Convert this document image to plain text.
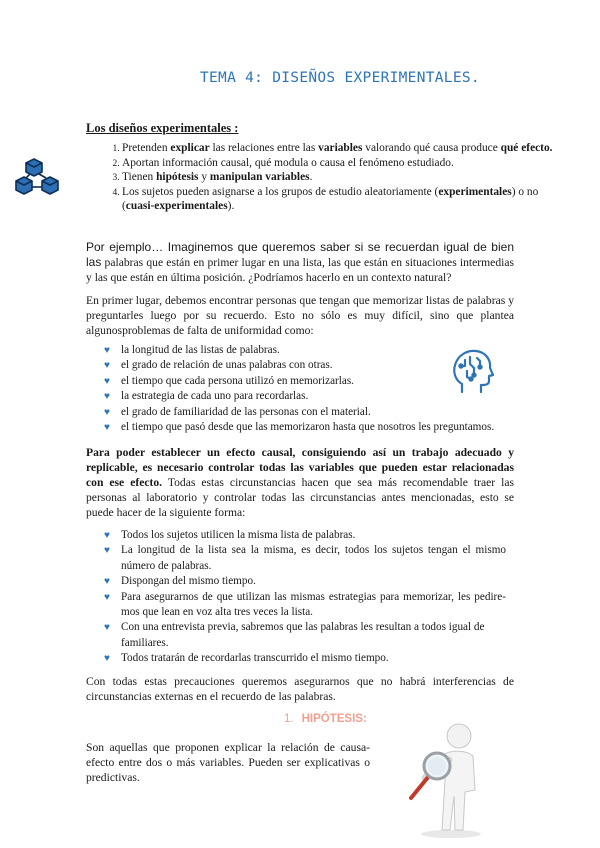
TEMA 4: DISEÑOS EXPERIMENTALES.
Los diseños experimentales :
1. Pretenden explicar las relaciones entre las variables valorando qué causa produce qué efecto.
2. Aportan información causal, qué modula o causa el fenómeno estudiado.
3. Tienen hipótesis y manipulan variables.
4. Los sujetos pueden asignarse a los grupos de estudio aleatoriamente (experimentales) o no (cuasi-experimentales).

Por ejemplo… Imaginemos que queremos saber si se recuerdan igual de bien las palabras que están en primer lugar en una lista, las que están en situaciones intermedias y las que están en última posición. ¿Podríamos hacerlo en un contexto natural?

En primer lugar, debemos encontrar personas que tengan que memorizar listas de palabras y preguntarles luego por su recuerdo. Esto no sólo es muy difícil, sino que plantea algunosproblemas de falta de uniformidad como:

♥ la longitud de las listas de palabras.
♥ el grado de relación de unas palabras con otras.
♥ el tiempo que cada persona utilizó en memorizarlas.
♥ la estrategia de cada uno para recordarlas.
♥ el grado de familiaridad de las personas con el material.
♥ el tiempo que pasó desde que las memorizaron hasta que nosotros les preguntamos.

Para poder establecer un efecto causal, consiguiendo así un trabajo adecuado y replicable, es necesario controlar todas las variables que pueden estar relacionadas con ese efecto. Todas estas circunstancias hacen que sea más recomendable traer las personas al laboratorio y controlar todas las circunstancias antes mencionadas, esto se puede hacer de la siguiente forma:

♥ Todos los sujetos utilicen la misma lista de palabras.
♥ La longitud de la lista sea la misma, es decir, todos los sujetos tengan el mismo número de palabras.
♥ Dispongan del mismo tiempo.
♥ Para asegurarnos de que utilizan las mismas estrategias para memorizar, les pediremos que lean en voz alta tres veces la lista.
♥ Con una entrevista previa, sabremos que las palabras les resultan a todos igual de familiares.
♥ Todos tratarán de recordarlas transcurrido el mismo tiempo.

Con todas estas precauciones queremos asegurarnos que no habrá interferencias de circunstancias externas en el recuerdo de las palabras.

1. HIPÓTESIS:

Son aquellas que proponen explicar la relación de causa-efecto entre dos o más variables. Pueden ser explicativas o predictivas.
